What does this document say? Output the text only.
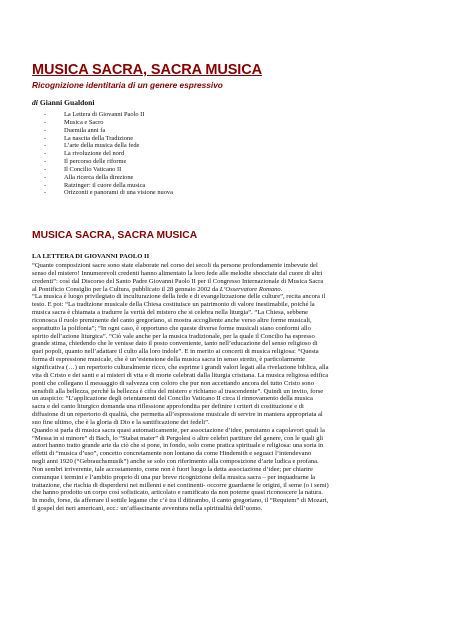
MUSICA SACRA, SACRA MUSICA
Ricognizione identitaria di un genere espressivo
di Gianni Gualdoni
-	La Lettera di Giovanni Paolo II
-	Musica e Sacro
-	Duemila anni fa
-	La nascita della Tradizione
-	L’arte della musica della fede
-	La rivoluzione del nord
-	Il percorso delle riforme
-	Il Concilio Vaticano II
-	Alla ricerca della direzione
-	Ratzinger: il cuore della musica
-	Orizzonti e panorami di una visione nuova
MUSICA SACRA, SACRA MUSICA
LA LETTERA DI GIOVANNI PAOLO II
“Quante composizioni sacre sono state elaborate nel corso dei secoli da persone profondamente imbevute del
senso del mistero! Innumerevoli credenti hanno alimentato la loro fede alle melodie sbocciate dal cuore di altri
credenti”: così dal Discorso del Santo Padre Giovanni Paolo II per il Congresso Internazionale di Musica Sacra
al Pontificio Consiglio per la Cultura, pubblicato il 28 gennaio 2002 da L’Osservatore Romano.
“La musica è luogo privilegiato di inculturazione della fede e di evangelizzazione delle culture”, recita ancora il
testo. E poi: “La tradizione musicale della Chiesa costituisce un patrimonio di valore inestimabile, poiché la
musica sacra è chiamata a tradurre la verità del mistero che si celebra nella liturgia”. “La Chiesa, sebbene
riconosca il ruolo preminente del canto gregoriano, si mostra accogliente anche verso altre forme musicali,
soprattutto la polifonia”; “In ogni caso, è opportuno che queste diverse forme musicali siano conformi allo
spirito dell’azione liturgica”. “Ciò vale anche per la musica tradizionale, per la quale il Concilio ha espresso
grande stima, chiedendo che le venisse dato il posto conveniente, tanto nell’educazione del senso religioso di
quei popoli, quanto nell’adattare il culto alla loro indole”. E in merito ai concerti di musica religiosa: “Questa
forma di espressione musicale, che è un’estensione della musica sacra in senso stretto, è particolarmente
significativa (…) un repertorio culturalmente ricco, che esprime i grandi valori legati alla rivelazione biblica, alla
vita di Cristo e dei santi e ai misteri di vita e di morte celebrati dalla liturgia cristiana. La musica religiosa edifica
ponti che collegano il messaggio di salvezza con coloro che pur non accettando ancora del tutto Cristo sono
sensibili alla bellezza, perché la bellezza è cifra del mistero e richiamo al trascendente”. Quindi un invito, forse
un auspicio: “L’applicazione degli orientamenti del Concilio Vaticano II circa il rinnovamento della musica
sacra e del canto liturgico domanda una riflessione approfondita per definire i criteri di costituzione e di
diffusione di un repertorio di qualità, che permetta all’espressione musicale di servire in maniera appropriata al
suo fine ultimo, che è la gloria di Dio e la santificazione dei fedeli”.
Quando si parla di musica sacra quasi automaticamente, per associazione d’idee, pensiamo a capolavori quali la
“Messa in si minore” di Bach, lo “Stabat mater” di Pergolesi o altre celebri partiture del genere, con le quali gli
autori hanno tratto grande arte da ciò che si pone, in fondo, solo come pratica spirituale e religiosa: una sorta in
effetti di “musica d’uso”, concetto concretamente non lontano da come Hindemith e seguaci l’intendevano
negli anni 1920 (“Gebrauchsmusik”) anche se solo con riferimento alla composizione d’arte ludica e profana.
Non sembri irriverente, tale accostamento, come non è fuori luogo la detta associazione d’idee; per chiarire
comunque i termini e l’ambito proprio di una pur breve ricognizione della musica sacra – per inquadrarne la
trattazione, che rischia di disperdersi nei millenni e nei continenti- occorre guardarne le origini, il seme (o i semi)
che hanno prodotto un corpo così sofisticato, articolato e ramificato da non poterne quasi riconoscere la natura.
In modo, forse, da afferrare il sottile legame che c’è tra il ditirambo, il canto gregoriano, il “Requiem” di Mozart,
il gospel dei neri americani, ecc.: un’affascinante avventura nella spiritualità dell’uomo.
